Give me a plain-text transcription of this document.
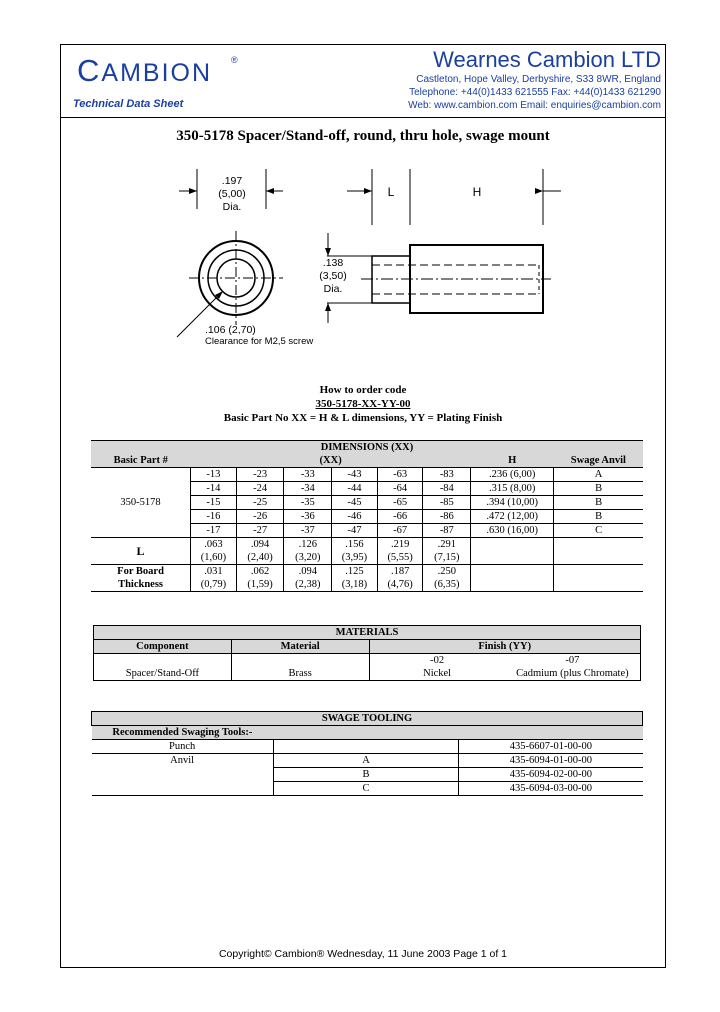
CAMBION ®
Technical Data Sheet
Wearnes Cambion LTD
Castleton, Hope Valley, Derbyshire, S33 8WR, England
Telephone: +44(0)1433 621555 Fax: +44(0)1433 621290
Web: www.cambion.com Email: enquiries@cambion.com
350-5178 Spacer/Stand-off, round, thru hole, swage mount
.197
(5,00)
Dia.
.106 (2,70)
Clearance for M2,5 screw
L	H
.138
(3,50)
Dia.
How to order code
350-5178-XX-YY-00
Basic Part No XX = H & L dimensions, YY = Plating Finish
DIMENSIONS (XX)								
Basic Part #	(XX)						H	Swage Anvil
350-5178	-13	-23	-33	-43	-63	-83	.236 (6,00)	A
	-14	-24	-34	-44	-64	-84	.315 (8,00)	B
	-15	-25	-35	-45	-65	-85	.394 (10,00)	B
	-16	-26	-36	-46	-66	-86	.472 (12,00)	B
	-17	-27	-37	-47	-67	-87	.630 (16,00)	C
L	.063	.094	.126	.156	.219	.291		
	(1,60)	(2,40)	(3,20)	(3,95)	(5,55)	(7,15)		
For Board	.031	.062	.094	.125	.187	.250		
Thickness	(0,79)	(1,59)	(2,38)	(3,18)	(4,76)	(6,35)		
MATERIALS			
Component	Material	Finish (YY)	
		-02	-07
Spacer/Stand-Off	Brass	Nickel	Cadmium (plus Chromate)
SWAGE TOOLING		
Recommended Swaging Tools:-		
Punch		435-6607-01-00-00
Anvil	A	435-6094-01-00-00
	B	435-6094-02-00-00
	C	435-6094-03-00-00
Copyright© Cambion® Wednesday, 11 June 2003 Page 1 of 1
